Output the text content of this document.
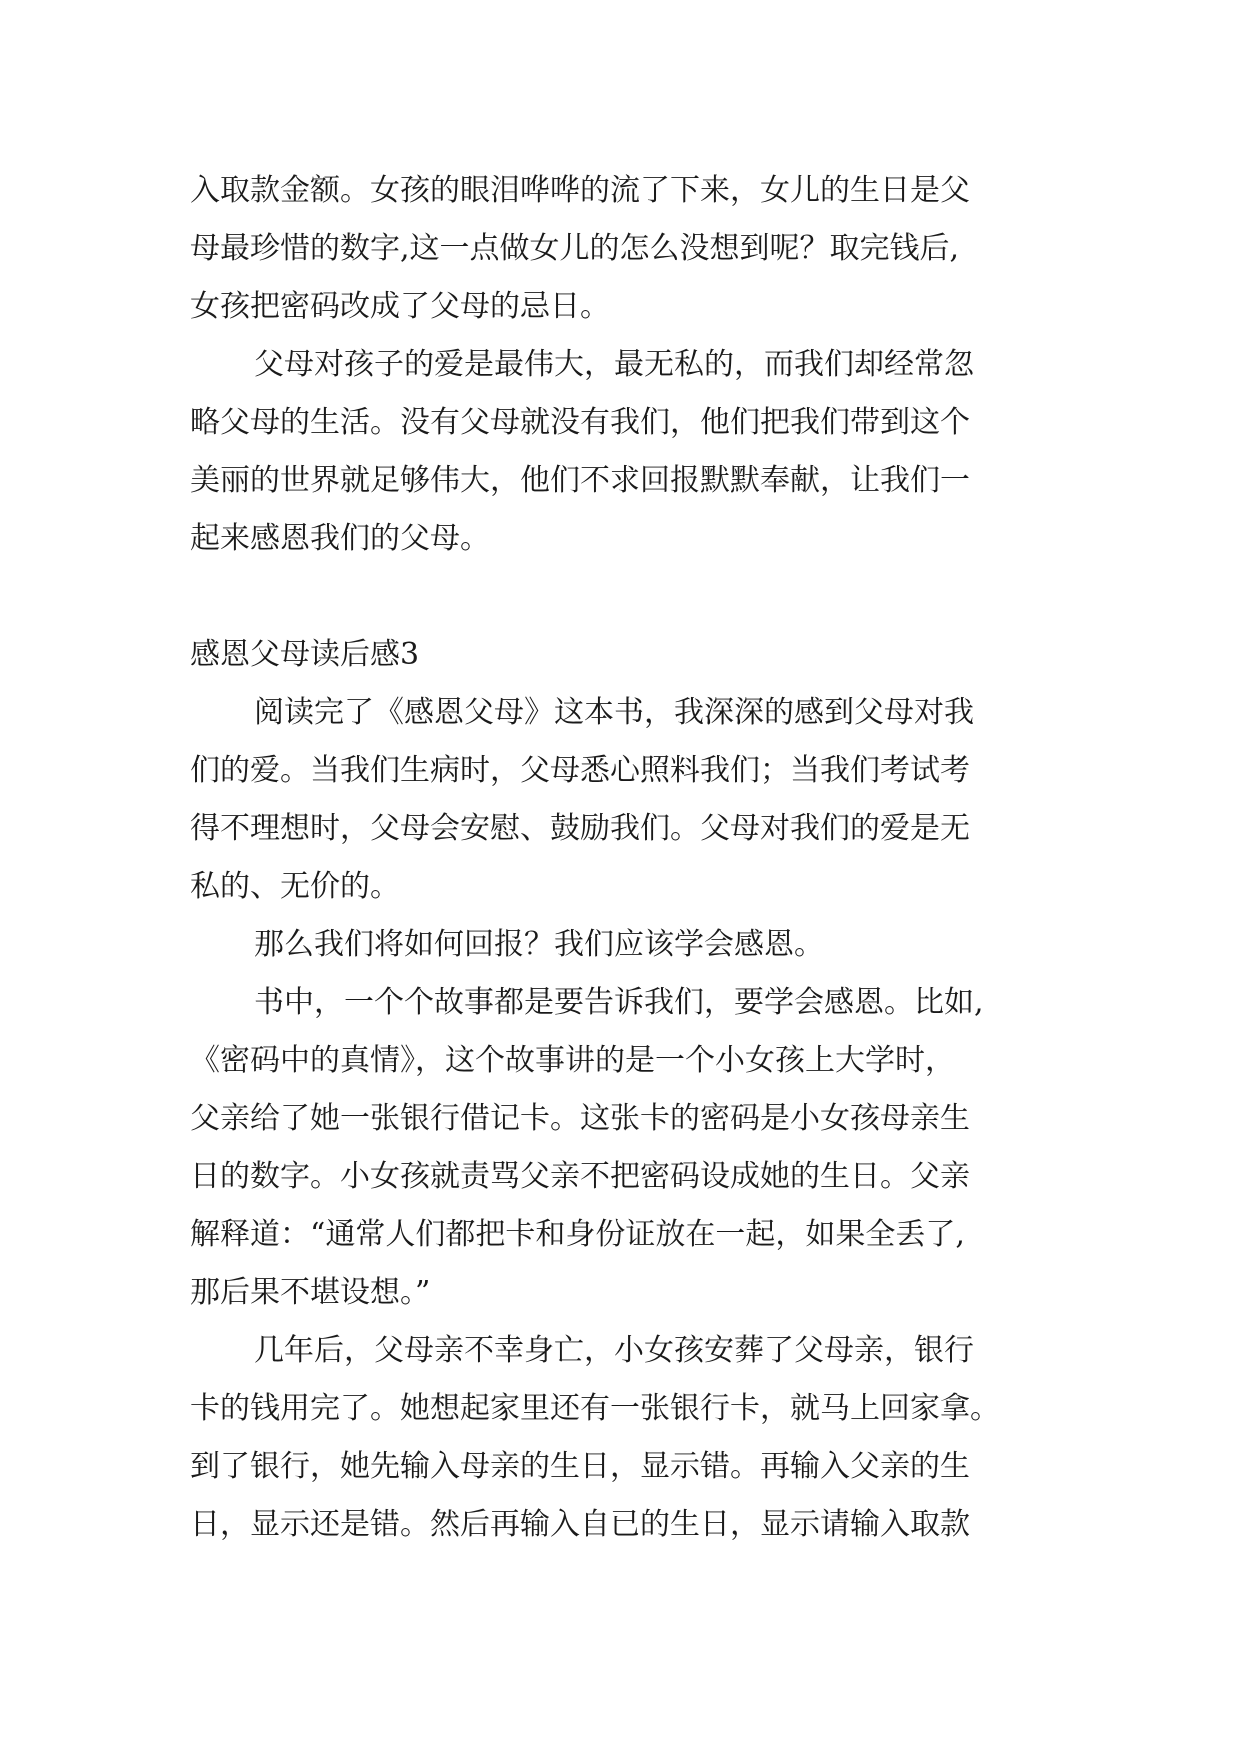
入取款金额。女孩的眼泪哗哗的流了下来，女儿的生日是父
母最珍惜的数字,这一点做女儿的怎么没想到呢？取完钱后,
女孩把密码改成了父母的忌日。
父母对孩子的爱是最伟大，最无私的，而我们却经常忽
略父母的生活。没有父母就没有我们，他们把我们带到这个
美丽的世界就足够伟大，他们不求回报默默奉献，让我们一
起来感恩我们的父母。
感恩父母读后感3
阅读完了《感恩父母》这本书，我深深的感到父母对我
们的爱。当我们生病时，父母悉心照料我们；当我们考试考
得不理想时，父母会安慰、鼓励我们。父母对我们的爱是无
私的、无价的。
那么我们将如何回报？我们应该学会感恩。
书中，一个个故事都是要告诉我们，要学会感恩。比如,
《密码中的真情》，这个故事讲的是一个小女孩上大学时，
父亲给了她一张银行借记卡。这张卡的密码是小女孩母亲生
日的数字。小女孩就责骂父亲不把密码设成她的生日。父亲
解释道：“通常人们都把卡和身份证放在一起，如果全丢了,
那后果不堪设想。”
几年后，父母亲不幸身亡，小女孩安葬了父母亲，银行
卡的钱用完了。她想起家里还有一张银行卡，就马上回家拿。
到了银行，她先输入母亲的生日，显示错。再输入父亲的生
日，显示还是错。然后再输入自已的生日，显示请输入取款
